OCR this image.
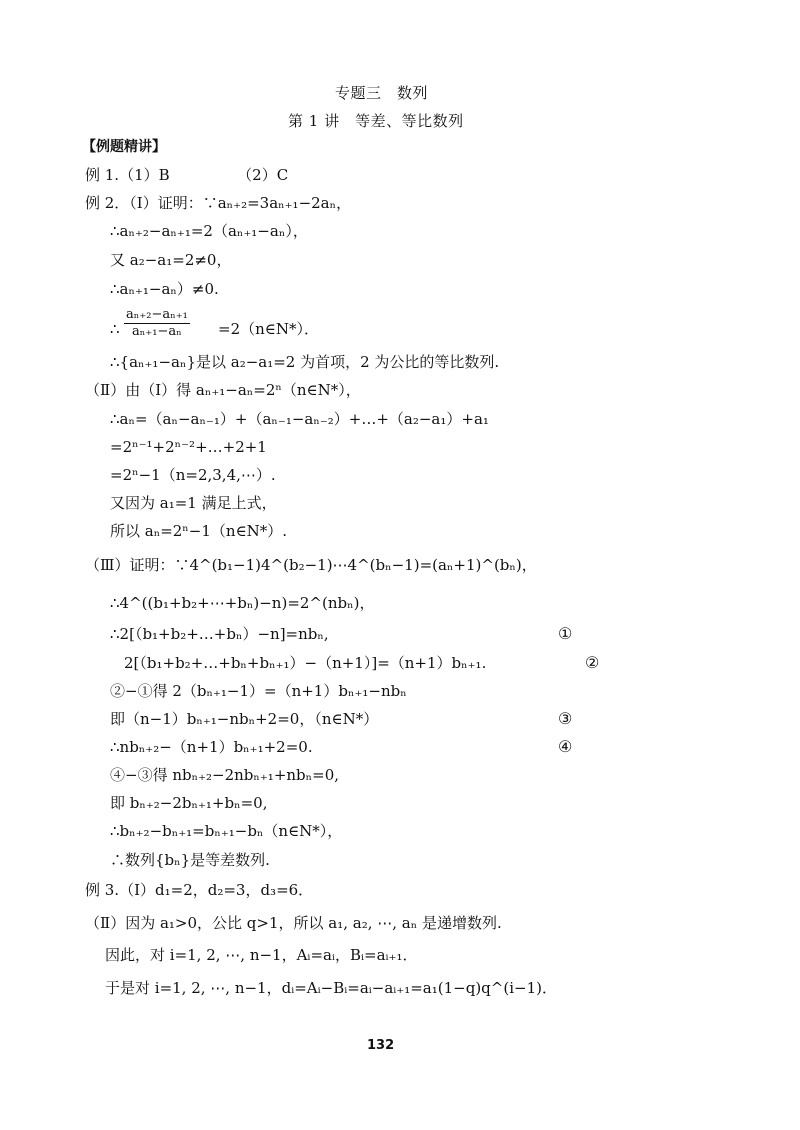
专题三　数列
第 1 讲　等差、等比数列
【例题精讲】
例 1.（1）B　　　　　（2）C
例 2．（Ⅰ）证明：∵aₙ₊₂=3aₙ₊₁−2aₙ，
∴aₙ₊₂−aₙ₊₁=2（aₙ₊₁−aₙ），
又 a₂−a₁=2≠0，
∴aₙ₊₁−aₙ）≠0.
∴ $\frac{\text{aₙ₊₂−aₙ₊₁}}{\text{aₙ₊₁−aₙ}}$ =2（n∈N*）．
∴{aₙ₊₁−aₙ}是以 a₂−a₁=2 为首项，2 为公比的等比数列.
（Ⅱ）由（Ⅰ）得 aₙ₊₁−aₙ=2ⁿ（n∈N*），
∴aₙ=（aₙ−aₙ₋₁）+（aₙ₋₁−aₙ₋₂）+…+（a₂−a₁）+a₁
=2ⁿ⁻¹+2ⁿ⁻²+…+2+1
=2ⁿ−1（n=2,3,4,⋯）.
又因为 a₁=1 满足上式，
所以 aₙ=2ⁿ−1（n∈N*）.
（Ⅲ）证明：∵4^(b₁−1)4^(b₂−1)⋯4^(bₙ−1)=(aₙ+1)^(bₙ)，
∴4^((b₁+b₂+⋯+bₙ)−n)=2^(nbₙ)，
∴2[（b₁+b₂+…+bₙ）−n]=nbₙ,
2[（b₁+b₂+…+bₙ+bₙ₊₁）−（n+1）]=（n+1）bₙ₊₁.
②−①得 2（bₙ₊₁−1）=（n+1）bₙ₊₁−nbₙ
即（n−1）bₙ₊₁−nbₙ+2=0，（n∈N*）
∴nbₙ₊₂−（n+1）bₙ₊₁+2=0.
④−③得 nbₙ₊₂−2nbₙ₊₁+nbₙ=0,
即 bₙ₊₂−2bₙ₊₁+bₙ=0,
∴bₙ₊₂−bₙ₊₁=bₙ₊₁−bₙ（n∈N*），
∴数列{bₙ}是等差数列.
例 3.（Ⅰ）d₁=2，d₂=3，d₃=6．
（Ⅱ）因为 a₁>0，公比 q>1，所以 a₁, a₂, ⋯, aₙ 是递增数列.
因此，对 i=1, 2, ⋯, n−1，Aᵢ=aᵢ，Bᵢ=aᵢ₊₁．
于是对 i=1, 2, ⋯, n−1，dᵢ=Aᵢ−Bᵢ=aᵢ−aᵢ₊₁=a₁(1−q)q^(i−1)．
①
②
③
④
132
